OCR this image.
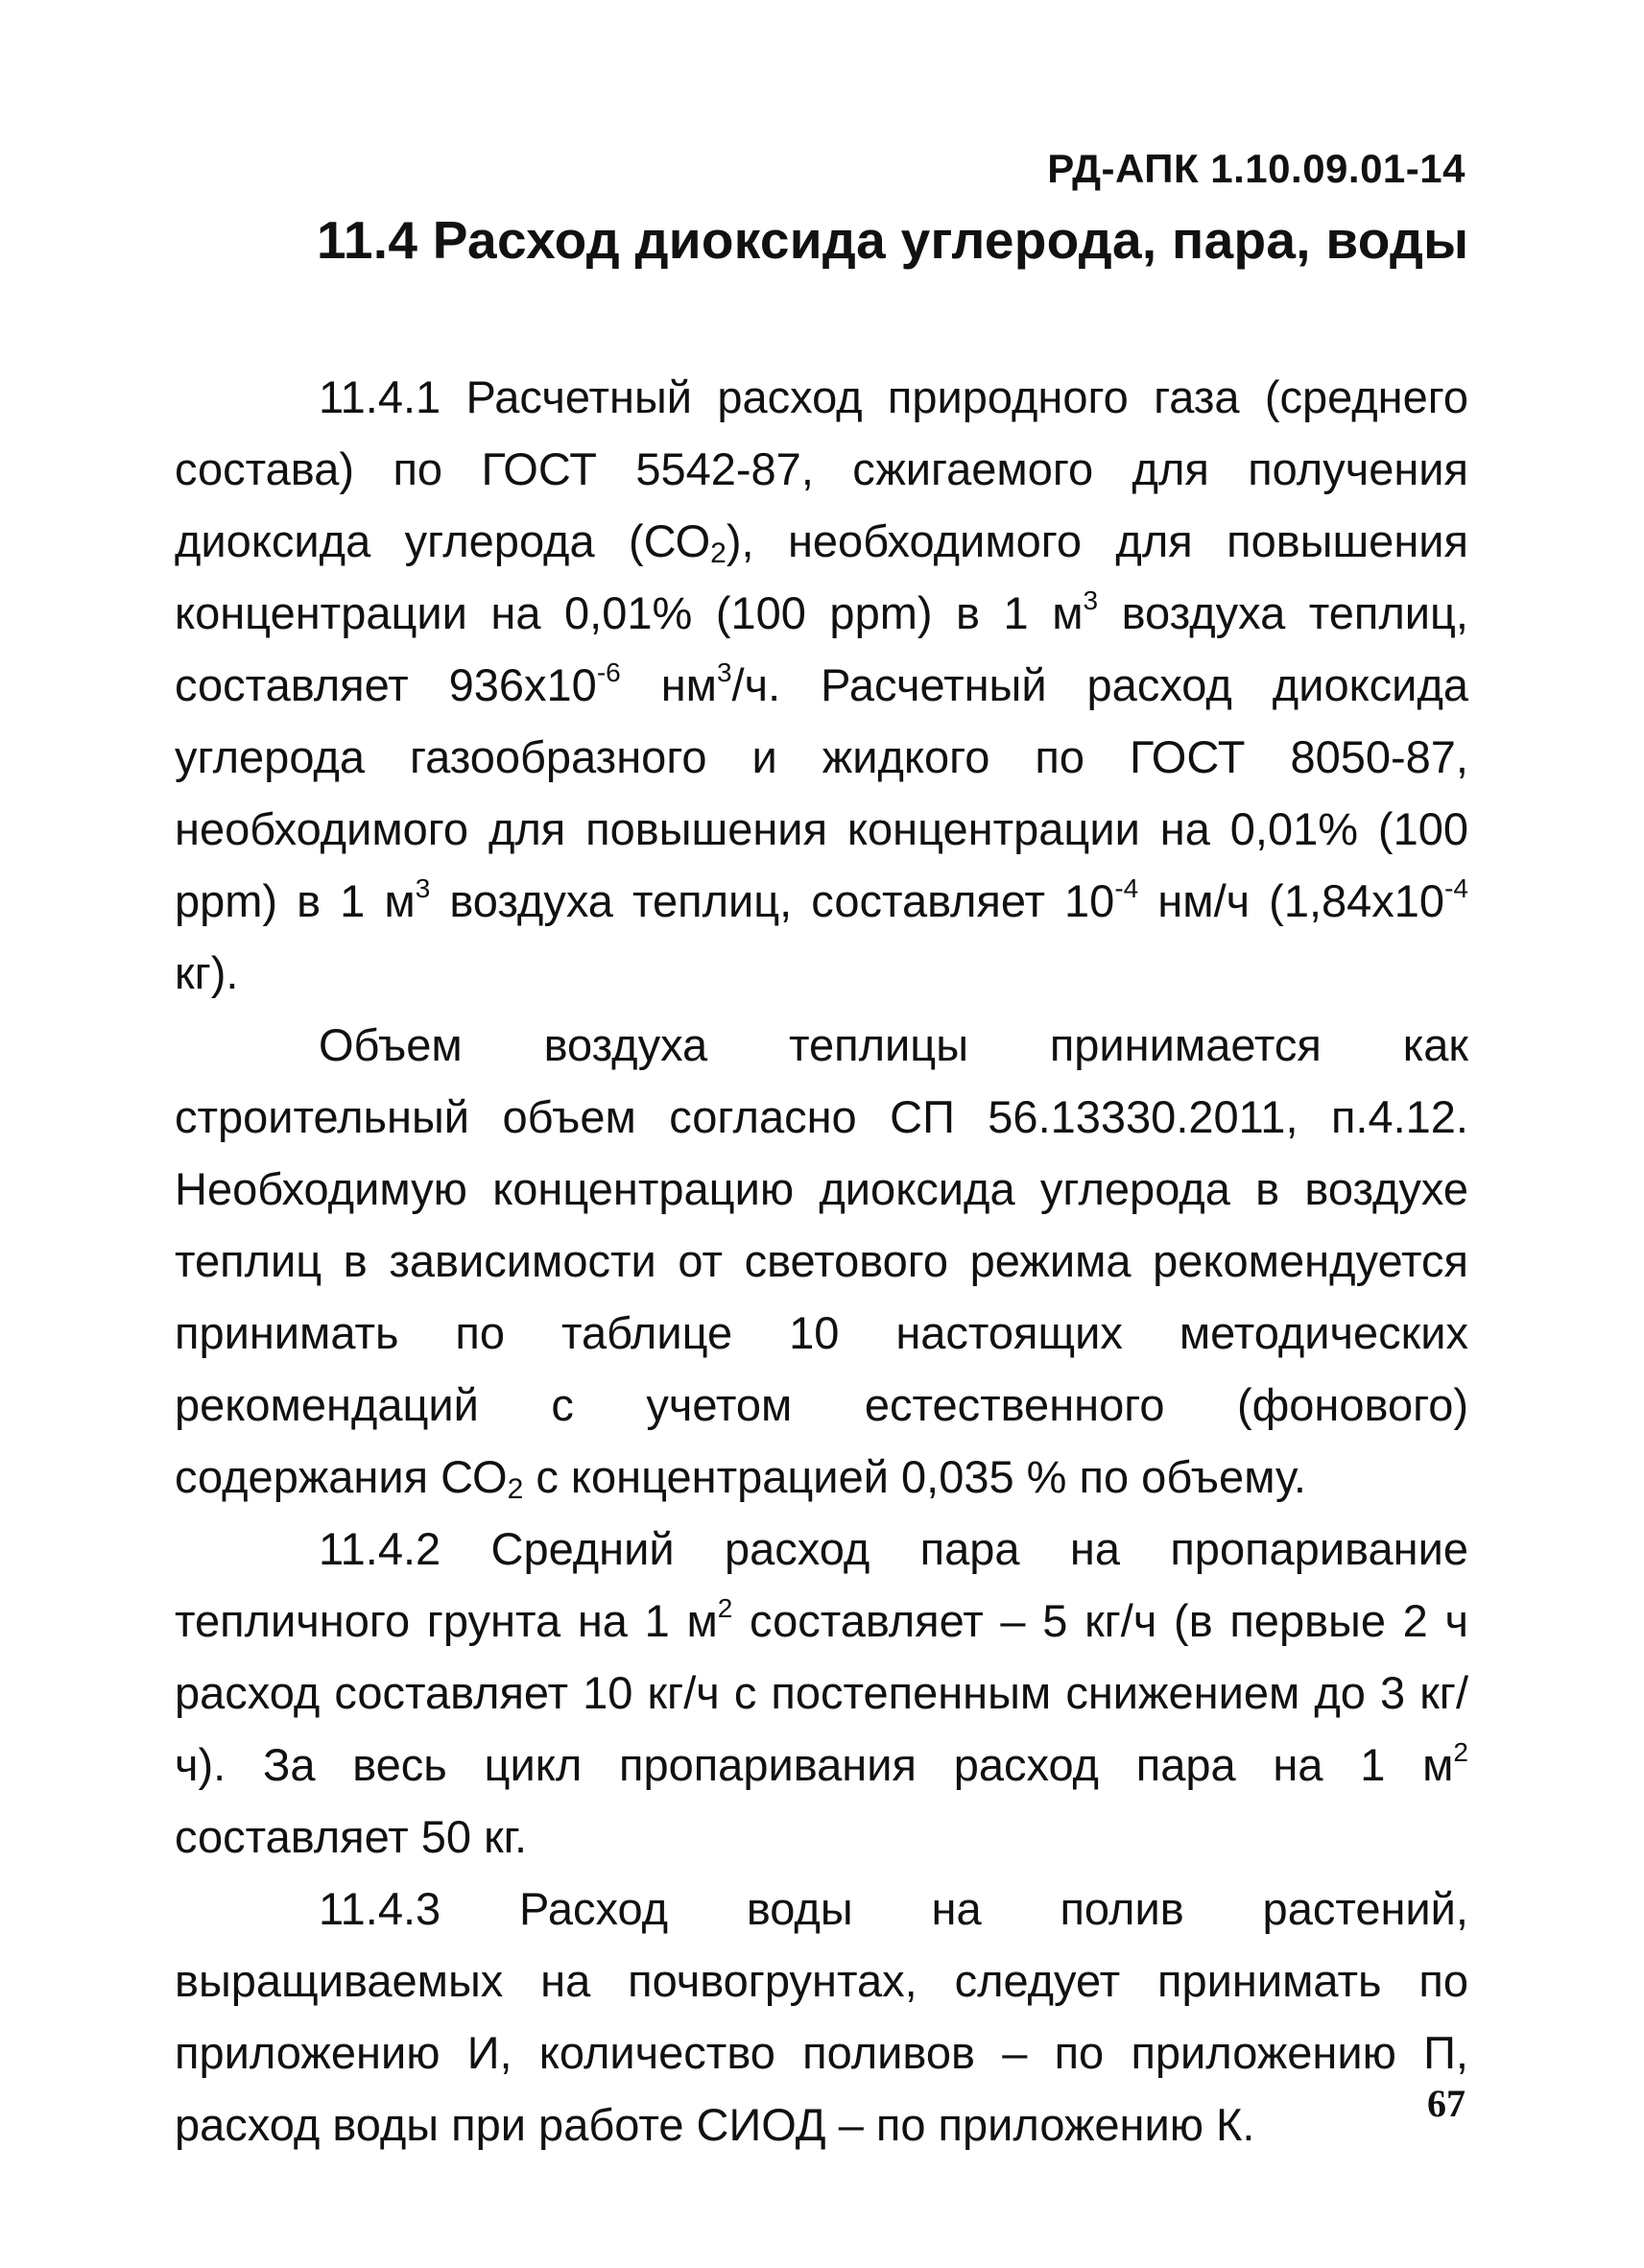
РД-АПК 1.10.09.01-14
11.4 Расход диоксида углерода, пара, воды

11.4.1 Расчетный расход природного газа (среднего состава) по ГОСТ 5542-87, сжигаемого для получения диоксида углерода $(СО_2)$, необходимого для повышения концентрации на 0,01% (100 ppm) в 1 $м^3$ воздуха теплиц, составляет $936х10^{-6}$ $нм^3/ч$. Расчетный расход диоксида углерода газообразного и жидкого по ГОСТ 8050-87, необходимого для повышения концентрации на 0,01% (100 ppm) в 1 $м^3$ воздуха теплиц, составляет $10^{-4}$ нм/ч ($1,84х10^{-4}$ кг).

Объем воздуха теплицы принимается как строительный объем согласно СП 56.13330.2011, п.4.12. Необходимую концентрацию диоксида углерода в воздухе теплиц в зависимости от светового режима рекомендуется принимать по таблице 10 настоящих методических рекомендаций с учетом естественного (фонового) содержания $СО_2$ с концентрацией 0,035 % по объему.

11.4.2 Средний расход пара на пропаривание тепличного грунта на 1 $м^2$ составляет – 5 кг/ч (в первые 2 ч расход составляет 10 кг/ч с постепенным снижением до 3 кг/ч). За весь цикл пропаривания расход пара на 1 $м^2$ составляет 50 кг.

11.4.3 Расход воды на полив растений, выращиваемых на почвогрунтах, следует принимать по приложению И, количество поливов – по приложению П, расход воды при работе СИОД – по приложению К.	67
